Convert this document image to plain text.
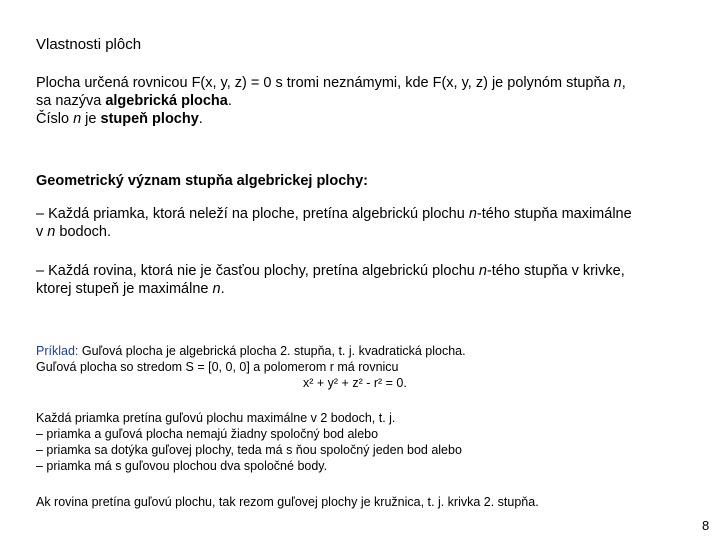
Vlastnosti plôch
Plocha určená rovnicou F(x, y, z) = 0 s tromi neznámymi, kde F(x, y, z) je polynóm stupňa n,
sa nazýva algebrická plocha.
Číslo n je stupeň plochy.
Geometrický význam stupňa algebrickej plochy:
– Každá priamka, ktorá neleží na ploche, pretína algebrickú plochu n-tého stupňa maximálne
v n bodoch.
– Každá rovina, ktorá nie je časťou plochy, pretína algebrickú plochu n-tého stupňa v krivke,
ktorej stupeň je maximálne n.
Príklad: Guľová plocha je algebrická plocha 2. stupňa, t. j. kvadratická plocha.
Guľová plocha so stredom S = [0, 0, 0] a polomerom r má rovnicu
x² + y² + z² - r² = 0.
Každá priamka pretína guľovú plochu maximálne v 2 bodoch, t. j.
– priamka a guľová plocha nemajú žiadny spoločný bod alebo
– priamka sa dotýka guľovej plochy, teda má s ňou spoločný jeden bod alebo
– priamka má s guľovou plochou dva spoločné body.
Ak rovina pretína guľovú plochu, tak rezom guľovej plochy je kružnica, t. j. krivka 2. stupňa.
8
